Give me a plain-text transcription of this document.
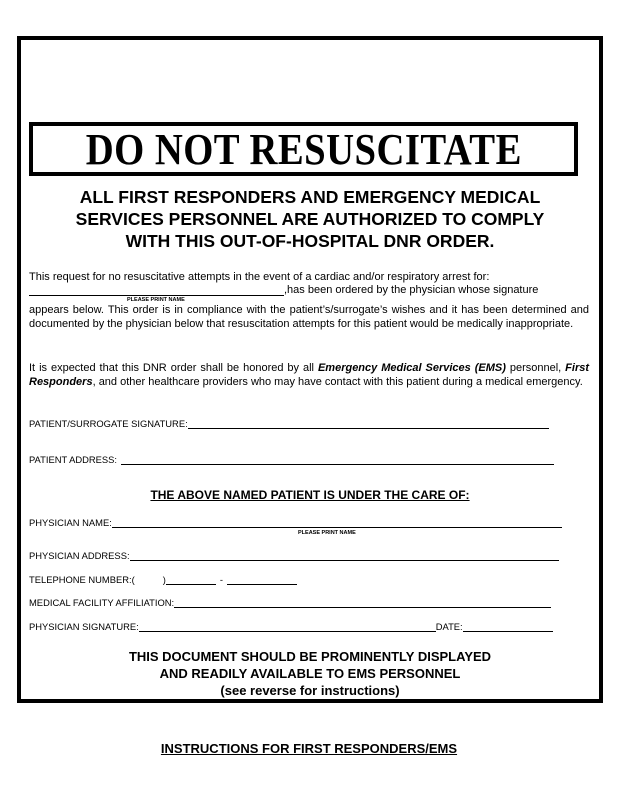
DO NOT RESUSCITATE
ALL FIRST RESPONDERS AND EMERGENCY MEDICAL
SERVICES PERSONNEL ARE AUTHORIZED TO COMPLY
WITH THIS OUT-OF-HOSPITAL DNR ORDER.
This request for no resuscitative attempts in the event of a cardiac and/or respiratory arrest for:
,has been ordered by the physician whose signature
PLEASE PRINT NAME
appears below. This order is in compliance with the patient’s/surrogate’s wishes and it has been determined and documented by the physician below that resuscitation attempts for this patient would be medically inappropriate.
It is expected that this DNR order shall be honored by all Emergency Medical Services (EMS) personnel, First Responders, and other healthcare providers who may have contact with this patient during a medical emergency.
PATIENT/SURROGATE SIGNATURE:
PATIENT ADDRESS:
THE ABOVE NAMED PATIENT IS UNDER THE CARE OF:
PHYSICIAN NAME:
PLEASE PRINT NAME
PHYSICIAN ADDRESS:
TELEPHONE NUMBER:(	)	-
MEDICAL FACILITY AFFILIATION:
PHYSICIAN SIGNATURE:	DATE:
THIS DOCUMENT SHOULD BE PROMINENTLY DISPLAYED
AND READILY AVAILABLE TO EMS PERSONNEL
(see reverse for instructions)
INSTRUCTIONS FOR FIRST RESPONDERS/EMS
